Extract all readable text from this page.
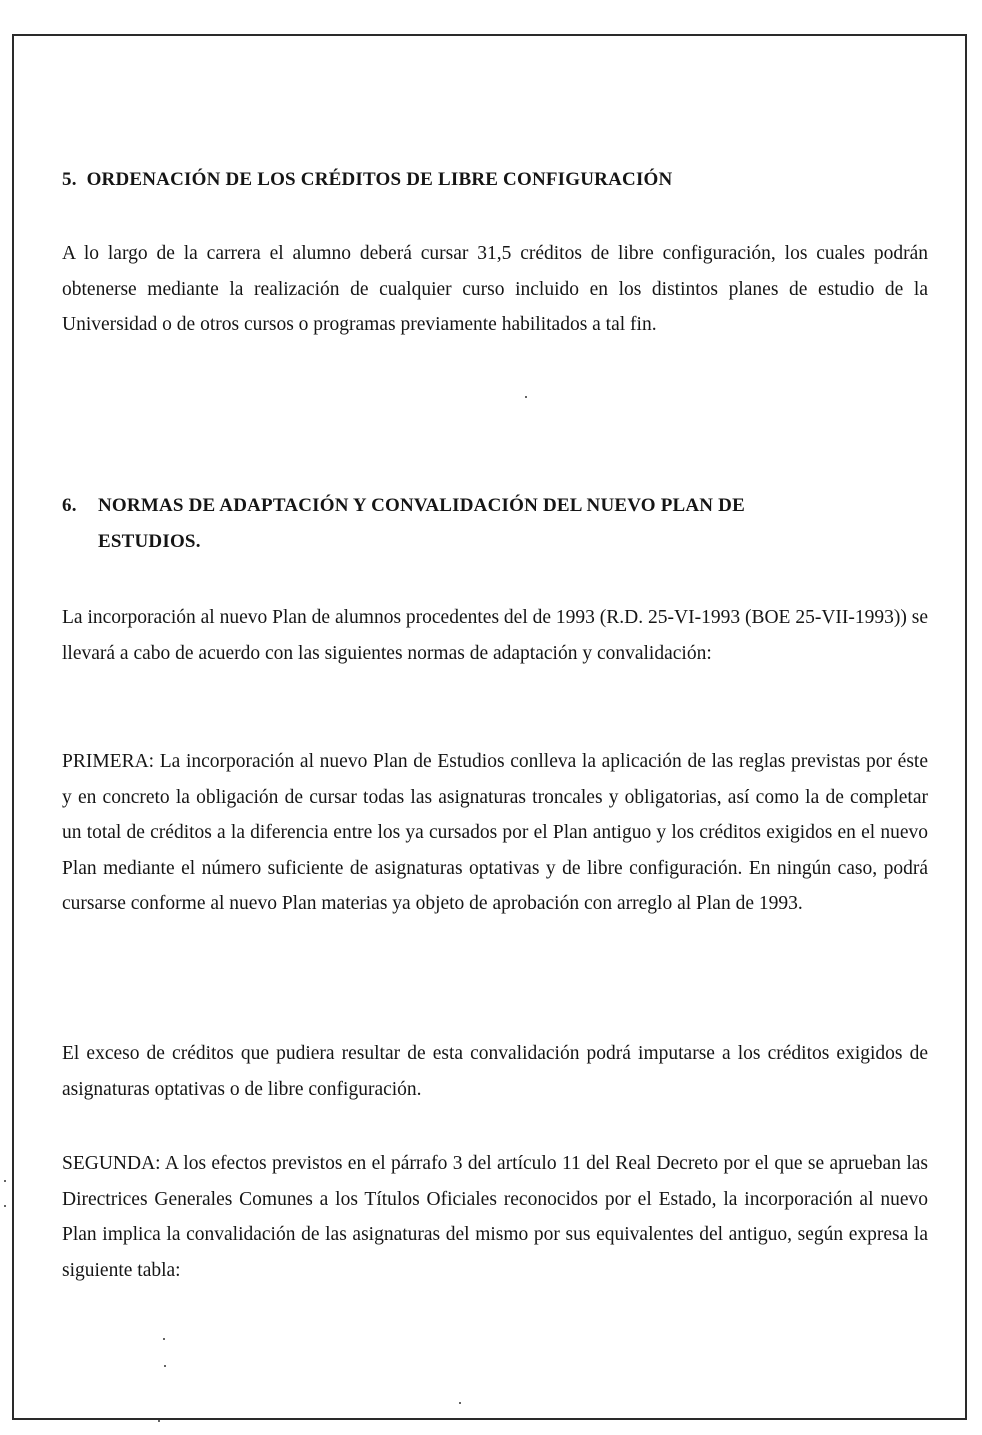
5. ORDENACIÓN DE LOS CRÉDITOS DE LIBRE CONFIGURACIÓN

A lo largo de la carrera el alumno deberá cursar 31,5 créditos de libre configuración, los cuales podrán obtenerse mediante la realización de cualquier curso incluido en los distintos planes de estudio de la Universidad o de otros cursos o programas previamente habilitados a tal fin.

6. NORMAS DE ADAPTACIÓN Y CONVALIDACIÓN DEL NUEVO PLAN DE
ESTUDIOS.

La incorporación al nuevo Plan de alumnos procedentes del de 1993 (R.D. 25-VI-1993 (BOE 25-VII-1993)) se llevará a cabo de acuerdo con las siguientes normas de adaptación y convalidación:

PRIMERA: La incorporación al nuevo Plan de Estudios conlleva la aplicación de las reglas previstas por éste y en concreto la obligación de cursar todas las asignaturas troncales y obligatorias, así como la de completar un total de créditos a la diferencia entre los ya cursados por el Plan antiguo y los créditos exigidos en el nuevo Plan mediante el número suficiente de asignaturas optativas y de libre configuración. En ningún caso, podrá cursarse conforme al nuevo Plan materias ya objeto de aprobación con arreglo al Plan de 1993.

El exceso de créditos que pudiera resultar de esta convalidación podrá imputarse a los créditos exigidos de asignaturas optativas o de libre configuración.

SEGUNDA: A los efectos previstos en el párrafo 3 del artículo 11 del Real Decreto por el que se aprueban las Directrices Generales Comunes a los Títulos Oficiales reconocidos por el Estado, la incorporación al nuevo Plan implica la convalidación de las asignaturas del mismo por sus equivalentes del antiguo, según expresa la siguiente tabla:
